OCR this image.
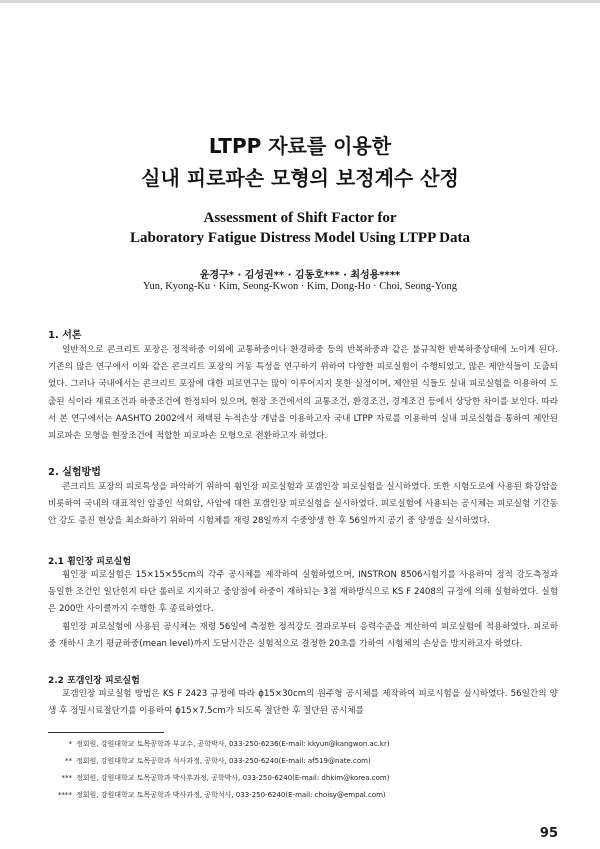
LTPP 자료를 이용한
실내 피로파손 모형의 보정계수 산정
Assessment of Shift Factor for
Laboratory Fatigue Distress Model Using LTPP Data
윤경구* · 김성권** · 김동호*** · 최성용****
Yun, Kyong-Ku · Kim, Seong-Kwon · Kim, Dong-Ho · Choi, Seong-Yong
1. 서론
일반적으로 콘크리트 포장은 정적하중 이외에 교통하중이나 환경하중 등의 반복하중과 같은 불규칙한 반복하중상태에 노이게 된다. 기존의 많은 연구에서 이와 같은 콘크리트 포장의 거동 특성을 연구하기 위하여 다양한 피로실험이 수행되었고, 많은 제안식들이 도출되었다. 그러나 국내에서는 콘크리트 포장에 대한 피로연구는 많이 이루어지지 못한 실정이며, 제안된 식들도 실내 피로실험을 이용하여 도출된 식이라 재료조건과 하중조건에 한정되어 있으며, 현장 조건에서의 교통조건, 환경조건, 경계조건 등에서 상당한 차이를 보인다. 따라서 본 연구에서는 AASHTO 2002에서 채택된 누적손상 개념을 이용하고자 국내 LTPP 자료를 이용하여 실내 피로실험을 통하여 제안된 피로파손 모형을 현장조건에 적합한 피로파손 모형으로 전환하고자 하였다.
2. 실험방법
콘크리트 포장의 피로특성을 파악하기 위하여 휨인장 피로실험과 포갬인장 피로실험을 실시하였다. 또한 시험도로에 사용된 화강암을 비롯하여 국내의 대표적인 암종인 석회암, 사암에 대한 포갬인장 피로실험을 실시하였다. 피로실험에 사용되는 공시체는 피로실험 기간동안 강도 증진 현상을 최소화하기 위하여 시험체를 재령 28일까지 수중양생 한 후 56일까지 공기 중 양생을 실시하였다.
2.1 휨인장 피로실험
휨인장 피로실험은 15×15×55cm의 각주 공시체를 제작하여 실험하였으며, INSTRON 8506시험기를 사용하여 정적 강도측정과 동일한 조건인 일단힌지 타단 롤러로 지지하고 중앙점에 하중이 재하되는 3점 재하방식으로 KS F 2408의 규정에 의해 실험하였다. 실험은 200만 사이클까지 수행한 후 종료하였다.
휨인장 피로실험에 사용된 공시체는 재령 56일에 측정한 정적강도 결과로부터 응력수준을 계산하여 피로실험에 적용하였다. 피로하중 재하시 초기 평균하중(mean level)까지 도달시간은 실험적으로 결정한 20초를 가하여 시험체의 손상을 방지하고자 하였다.
2.2 포갬인장 피로실험
포갬인장 피로실험 방법은 KS F 2423 규정에 따라 ϕ15×30cm의 원주형 공시체를 제작하여 피로시험을 실시하였다. 56일간의 양생 후 정밀시료절단기를 이용하여 ϕ15×7.5cm가 되도록 절단한 후 절단된 공시체를
* 정회원, 강원대학교 토목공학과 부교수, 공학박사, 033-250-6236(E-mail: kkyun@kangwon.ac.kr)
** 정회원, 강원대학교 토목공학과 석사과정, 공학사, 033-250-6240(E-mail: af519@nate.com)
*** 정회원, 강원대학교 토목공학과 박사후과정, 공학박사, 033-250-6240(E-mail: dhkim@korea.com)
**** 정회원, 강원대학교 토목공학과 박사과정, 공학석사, 033-250-6240(E-mail: choisy@empal.com)
95
